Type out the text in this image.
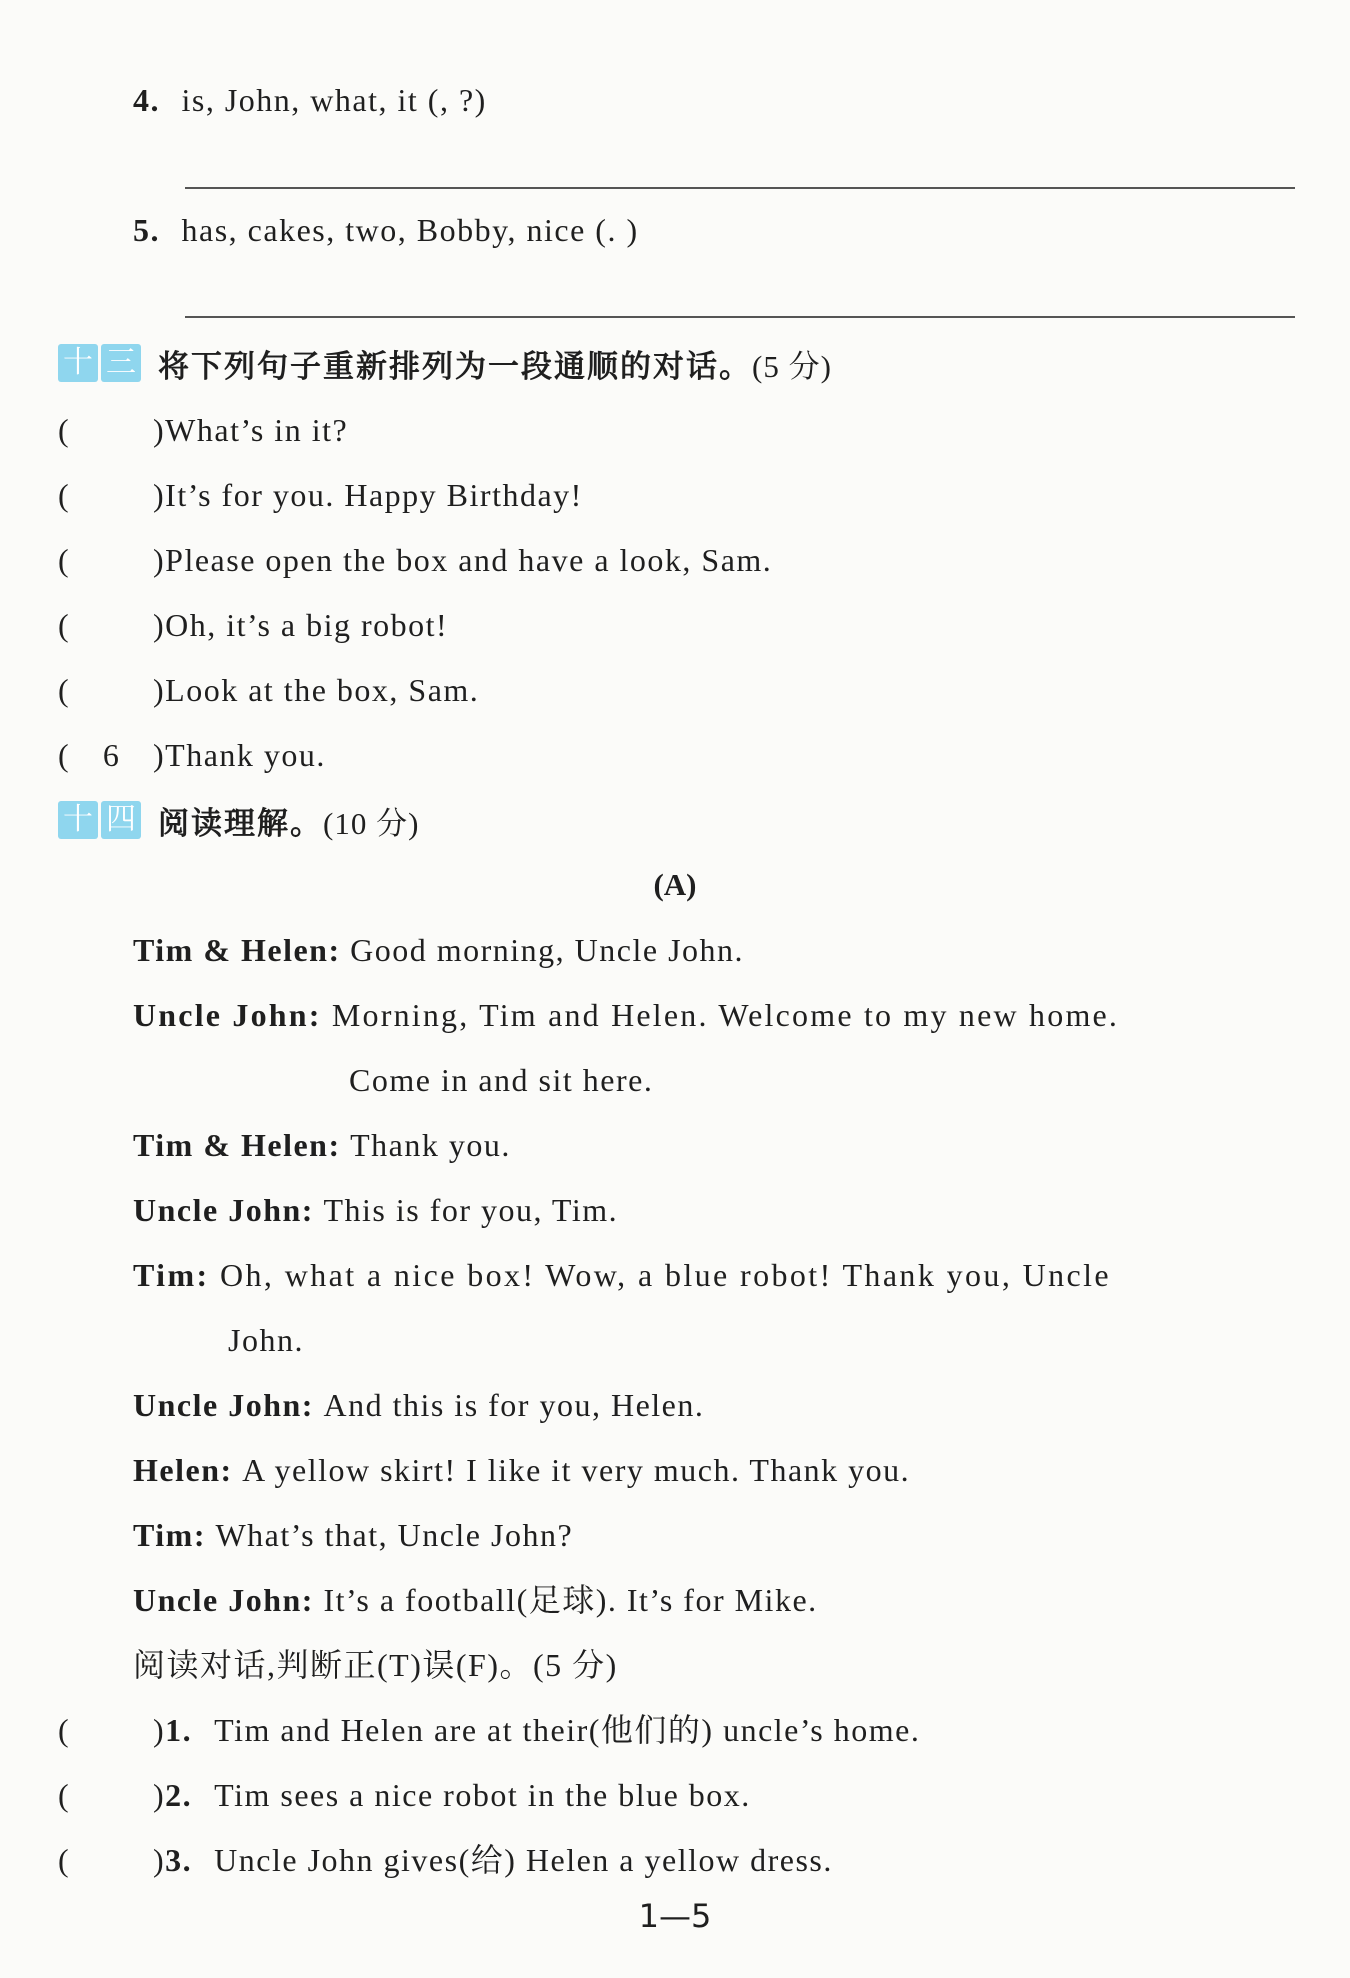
4. is, John, what, it (, ?)
5. has, cakes, two, Bobby, nice (. )
十 三 将下列句子重新排列为一段通顺的对话。(5 分)
(	)What’s in it?
(	)It’s for you. Happy Birthday!
(	)Please open the box and have a look, Sam.
(	)Oh, it’s a big robot!
(	)Look at the box, Sam.
(	6	)Thank you.
十 四 阅读理解。(10 分)
(A)
Tim & Helen: Good morning, Uncle John.
Uncle John: Morning, Tim and Helen. Welcome to my new home.
Come in and sit here.
Tim & Helen: Thank you.
Uncle John: This is for you, Tim.
Tim: Oh, what a nice box! Wow, a blue robot! Thank you, Uncle
John.
Uncle John: And this is for you, Helen.
Helen: A yellow skirt! I like it very much. Thank you.
Tim: What’s that, Uncle John?
Uncle John: It’s a football(足球). It’s for Mike.
阅读对话,判断正(T)误(F)。(5 分)
(	) 1. Tim and Helen are at their(他们的) uncle’s home.
(	) 2. Tim sees a nice robot in the blue box.
(	) 3. Uncle John gives(给) Helen a yellow dress.
1—5
